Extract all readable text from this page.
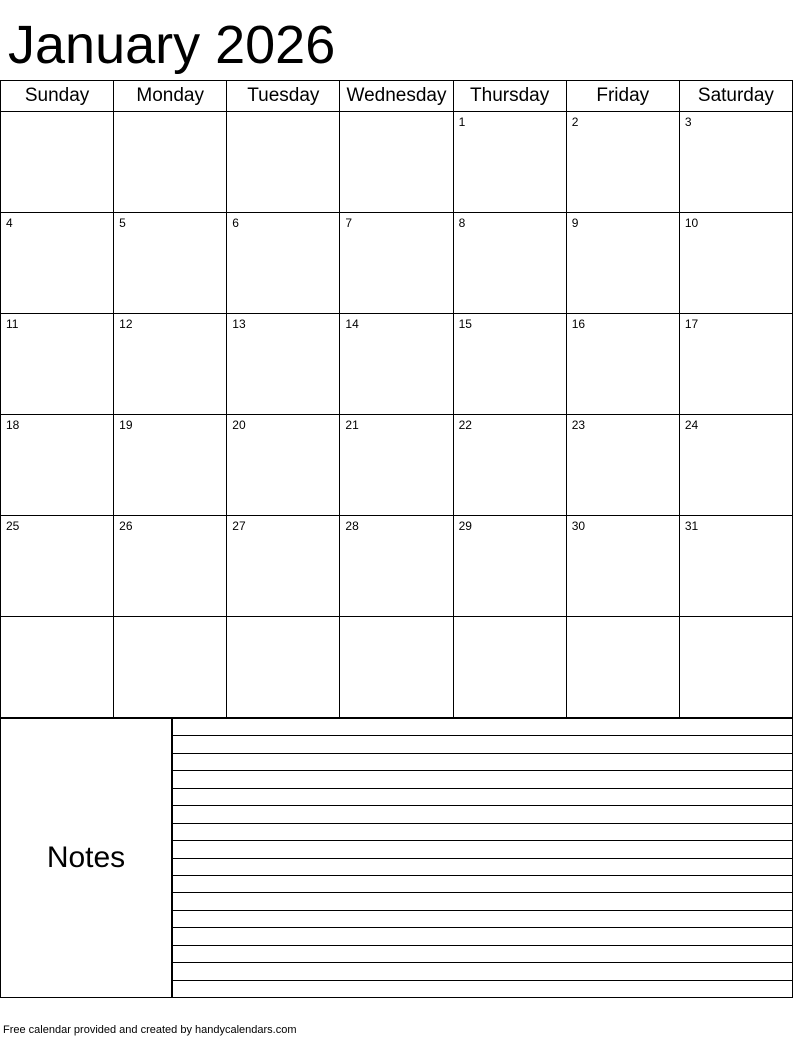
January 2026
Sunday	Monday	Tuesday	Wednesday	Thursday	Friday	Saturday

				1	2	3

4	5	6	7	8	9	10

11	12	13	14	15	16	17

18	19	20	21	22	23	24

25	26	27	28	29	30	31

Notes
Free calendar provided and created by handycalendars.com
